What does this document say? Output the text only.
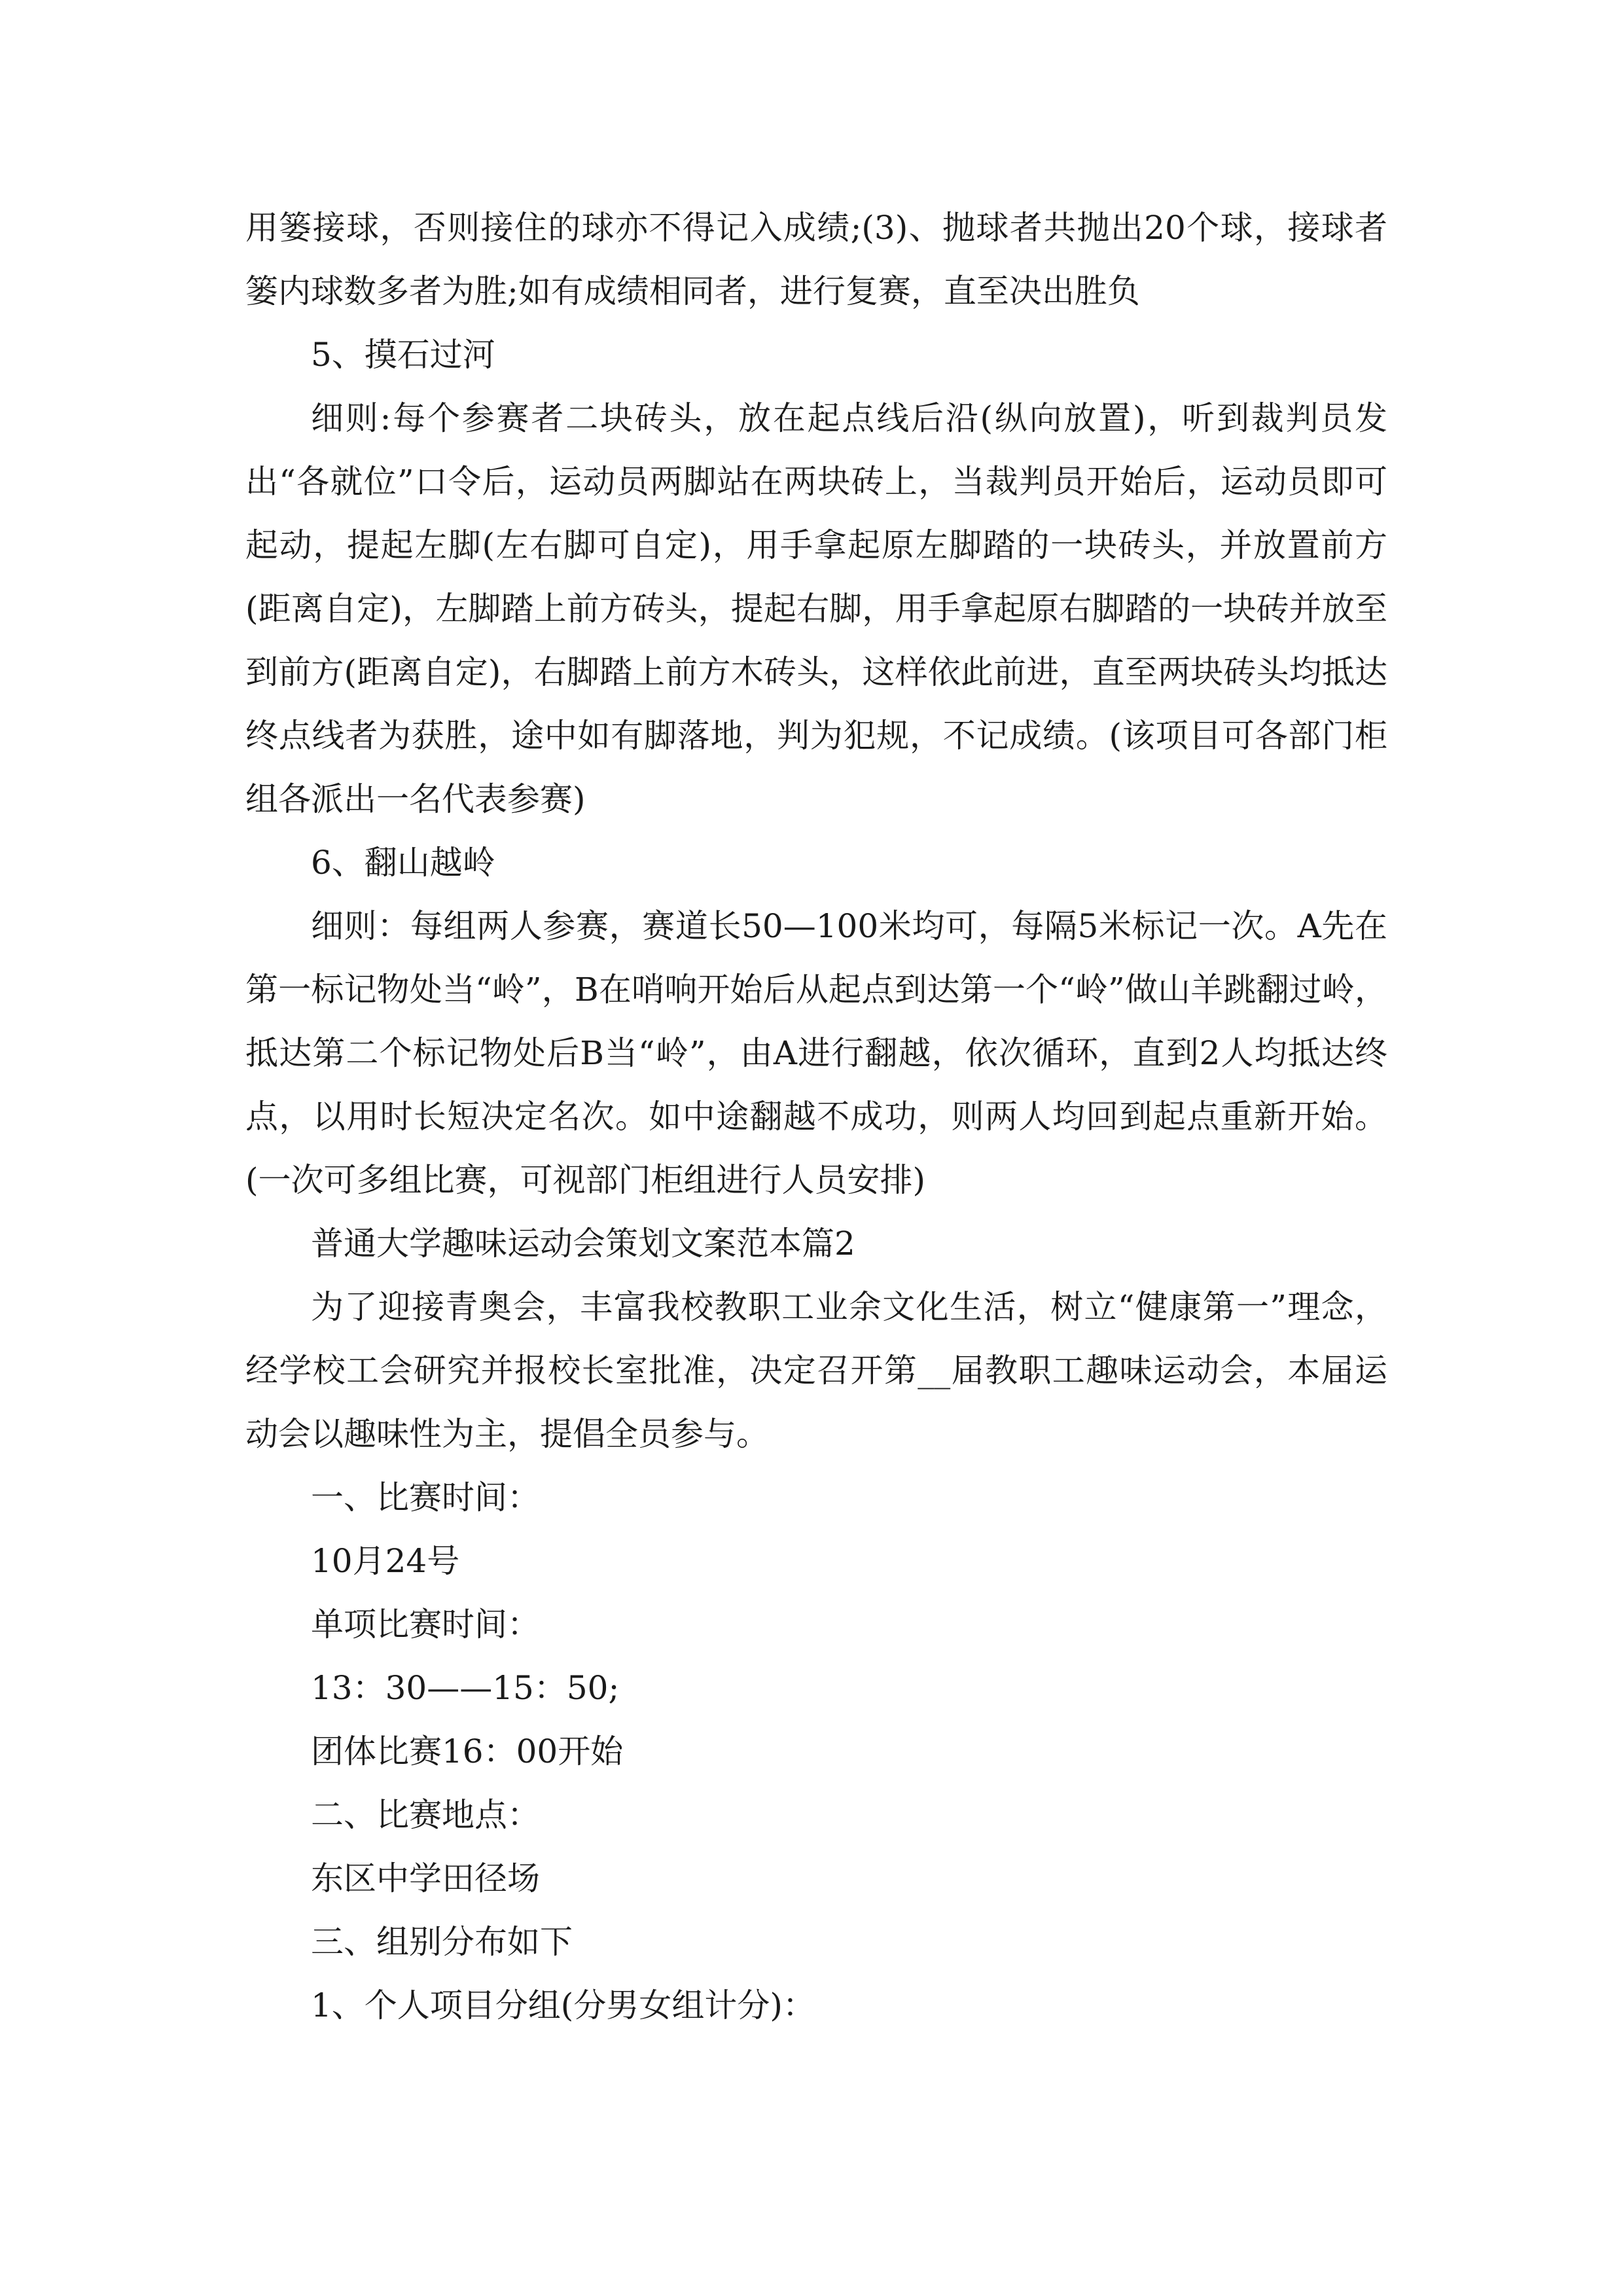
用篓接球，否则接住的球亦不得记入成绩;(3)、抛球者共抛出20个球，接球者篓内球数多者为胜;如有成绩相同者，进行复赛，直至决出胜负

5、摸石过河

细则:每个参赛者二块砖头，放在起点线后沿(纵向放置)，听到裁判员发出“各就位”口令后，运动员两脚站在两块砖上，当裁判员开始后，运动员即可起动，提起左脚(左右脚可自定)，用手拿起原左脚踏的一块砖头，并放置前方(距离自定)，左脚踏上前方砖头，提起右脚，用手拿起原右脚踏的一块砖并放至到前方(距离自定)，右脚踏上前方木砖头，这样依此前进，直至两块砖头均抵达终点线者为获胜，途中如有脚落地，判为犯规，不记成绩。(该项目可各部门柜组各派出一名代表参赛)

6、翻山越岭

细则：每组两人参赛，赛道长50—100米均可，每隔5米标记一次。A先在第一标记物处当“岭”，B在哨响开始后从起点到达第一个“岭”做山羊跳翻过岭，抵达第二个标记物处后B当“岭”，由A进行翻越，依次循环，直到2人均抵达终点，以用时长短决定名次。如中途翻越不成功，则两人均回到起点重新开始。(一次可多组比赛，可视部门柜组进行人员安排)

普通大学趣味运动会策划文案范本篇2

为了迎接青奥会，丰富我校教职工业余文化生活，树立“健康第一”理念，经学校工会研究并报校长室批准，决定召开第__届教职工趣味运动会，本届运动会以趣味性为主，提倡全员参与。

一、比赛时间：

10月24号

单项比赛时间：

13：30——15：50;

团体比赛16：00开始

二、比赛地点：

东区中学田径场

三、组别分布如下

1、个人项目分组(分男女组计分)：
